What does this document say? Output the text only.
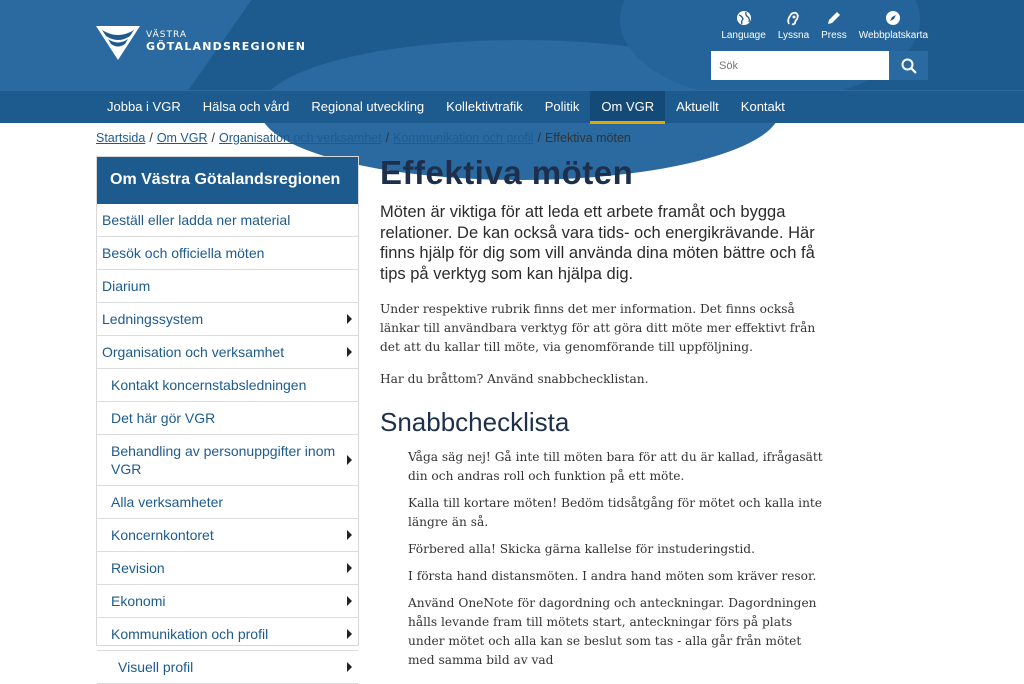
VÄSTRA
GÖTALANDSREGIONEN
Language Lyssna Press Webbplatskarta
Sök
Jobba i VGR	Hälsa och vård	Regional utveckling	Kollektivtrafik	Politik	Om VGR	Aktuellt	Kontakt
Startsida / Om VGR / Organisation och verksamhet / Kommunikation och profil / Effektiva möten
Om Västra Götalandsregionen
Beställ eller ladda ner material
Besök och officiella möten
Diarium
Ledningssystem
Organisation och verksamhet
Kontakt koncernstabsledningen
Det här gör VGR
Behandling av personuppgifter inom VGR
Alla verksamheter
Koncernkontoret
Revision
Ekonomi
Kommunikation och profil
Visuell profil
Effektiva möten

Möten är viktiga för att leda ett arbete framåt och bygga relationer. De kan också vara tids- och energikrävande. Här finns hjälp för dig som vill använda dina möten bättre och få tips på verktyg som kan hjälpa dig.

Under respektive rubrik finns det mer information. Det finns också länkar till användbara verktyg för att göra ditt möte mer effektivt från det att du kallar till möte, via genomförande till uppföljning.

Har du bråttom? Använd snabbchecklistan.

Snabbchecklista
Våga säg nej! Gå inte till möten bara för att du är kallad, ifrågasätt din och andras roll och funktion på ett möte.
Kalla till kortare möten! Bedöm tidsåtgång för mötet och kalla inte längre än så.
Förbered alla! Skicka gärna kallelse för instuderingstid.
I första hand distansmöten. I andra hand möten som kräver resor.
Använd OneNote för dagordning och anteckningar. Dagordningen hålls levande fram till mötets start, anteckningar förs på plats under mötet och alla kan se beslut som tas - alla går från mötet med samma bild av vad
